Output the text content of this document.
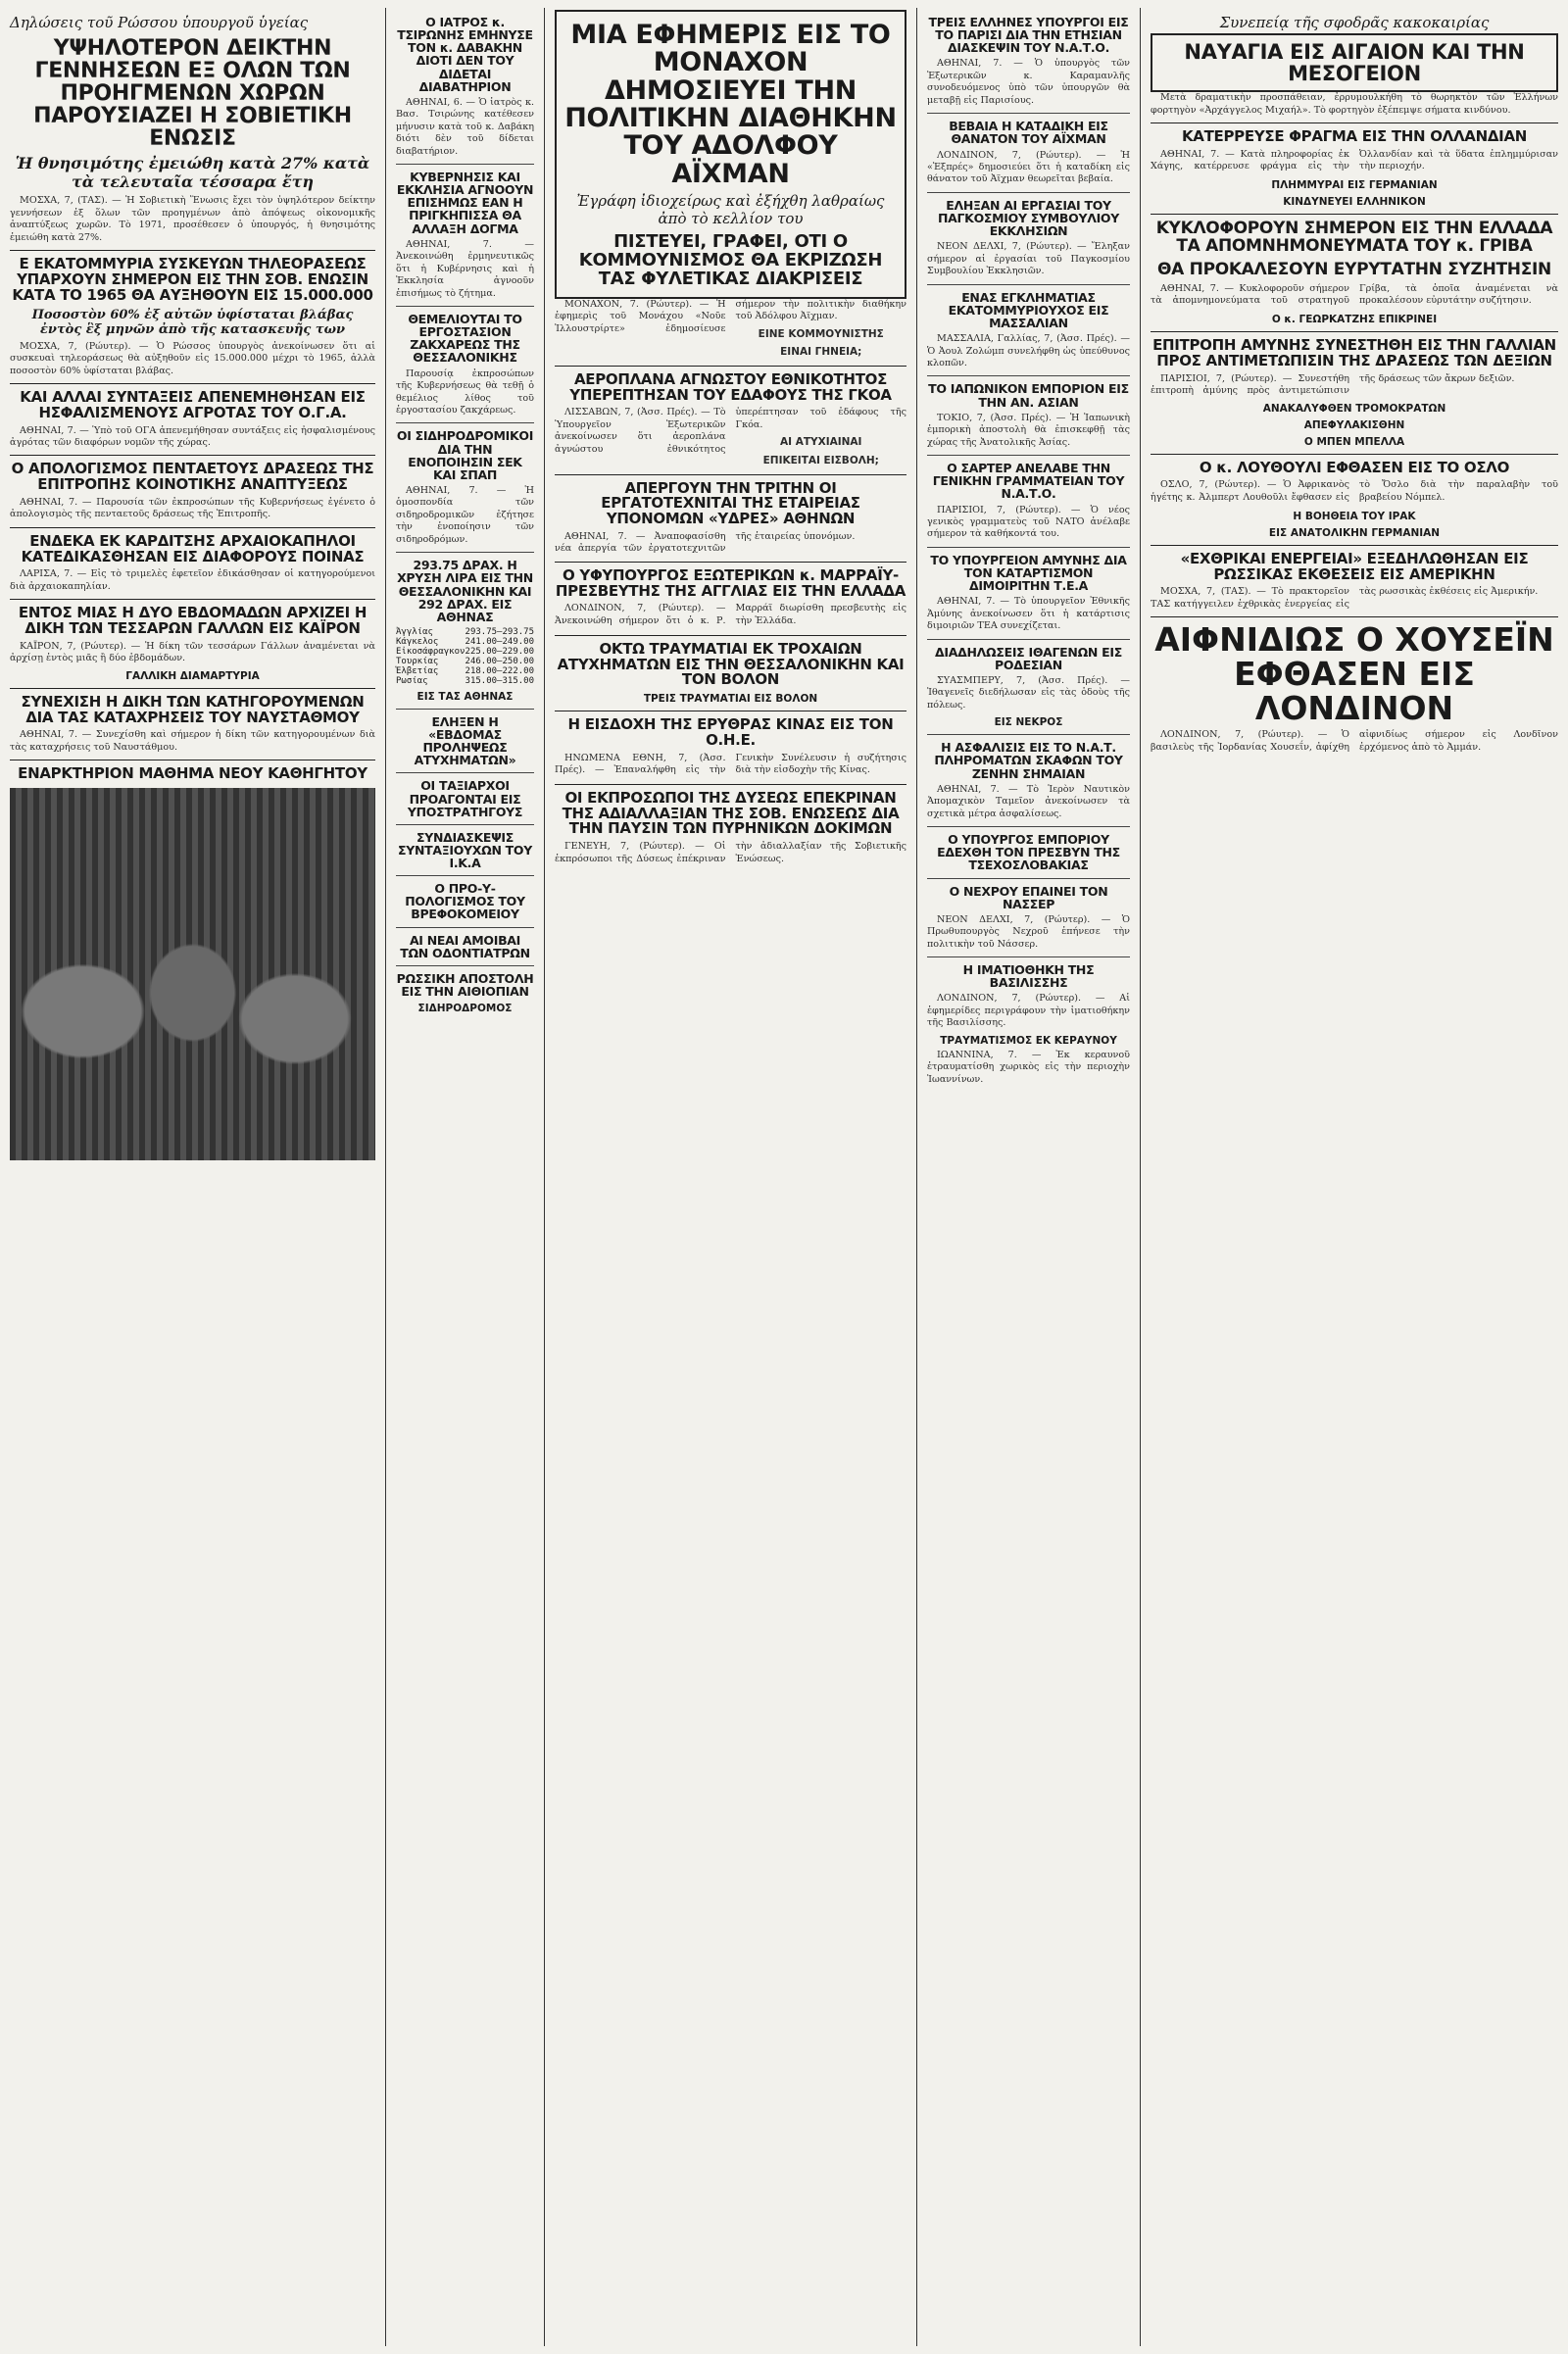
Δηλώσεις τοῦ Ρώσσου ὑπουργοῦ ὑγείας
ΥΨΗΛΟΤΕΡΟΝ ΔΕΙΚΤΗΝ ΓΕΝΝΗΣΕΩΝ ΕΞ ΟΛΩΝ ΤΩΝ ΠΡΟΗΓΜΕΝΩΝ ΧΩΡΩΝ ΠΑΡΟΥΣΙΑΖΕΙ Η ΣΟΒΙΕΤΙΚΗ ΕΝΩΣΙΣ
Ἡ θνησιμότης ἐμειώθη κατὰ 27% κατὰ τὰ τελευταῖα τέσσαρα ἔτη

ΜΟΣΧΑ, 7, (ΤΑΣ). — Ἡ Σοβιετικὴ Ἕνωσις ἔχει τὸν ὑψηλότερον δείκτην γεννήσεων ἐξ ὅλων τῶν προηγμένων ἀπὸ ἀπόψεως οἰκονομικῆς ἀναπτύξεως χωρῶν. Τὸ 1971, προσέθεσεν ὁ ὑπουργός, ἡ θνησιμότης ἐμειώθη κατὰ 27%.

Ε ΕΚΑΤΟΜΜΥΡΙΑ ΣΥΣΚΕΥΩΝ ΤΗΛΕΟΡΑΣΕΩΣ ΥΠΑΡΧΟΥΝ ΣΗΜΕΡΟΝ ΕΙΣ ΤΗΝ ΣΟΒ. ΕΝΩΣΙΝ ΚΑΤΑ ΤΟ 1965 ΘΑ ΑΥΞΗΘΟΥΝ ΕΙΣ 15.000.000
Ποσοστὸν 60% ἐξ αὐτῶν ὑφίσταται βλάβας ἐντὸς ἓξ μηνῶν ἀπὸ τῆς κατασκευῆς των

ΜΟΣΧΑ, 7, (Ρώυτερ). — Ὁ Ρώσσος ὑπουργὸς ἀνεκοίνωσεν ὅτι αἱ συσκευαὶ τηλεοράσεως θὰ αὐξηθοῦν εἰς 15.000.000 μέχρι τὸ 1965, ἀλλὰ ποσοστὸν 60% ὑφίσταται βλάβας.

ΚΑΙ ΑΛΛΑΙ ΣΥΝΤΑΞΕΙΣ ΑΠΕΝΕΜΗΘΗΣΑΝ ΕΙΣ ΗΣΦΑΛΙΣΜΕΝΟΥΣ ΑΓΡΟΤΑΣ ΤΟΥ Ο.Γ.Α.

ΑΘΗΝΑΙ, 7. — Ὑπὸ τοῦ ΟΓΑ ἀπενεμήθησαν συντάξεις εἰς ἠσφαλισμένους ἀγρότας τῶν διαφόρων νομῶν τῆς χώρας.

Ο ΑΠΟΛΟΓΙΣΜΟΣ ΠΕΝΤΑΕΤΟΥΣ ΔΡΑΣΕΩΣ ΤΗΣ ΕΠΙΤΡΟΠΗΣ ΚΟΙΝΟΤΙΚΗΣ ΑΝΑΠΤΥΞΕΩΣ

ΑΘΗΝΑΙ, 7. — Παρουσία τῶν ἐκπροσώπων τῆς Κυβερνήσεως ἐγένετο ὁ ἀπολογισμὸς τῆς πενταετοῦς δράσεως τῆς Ἐπιτροπῆς.

ΕΝΔΕΚΑ ΕΚ ΚΑΡΔΙΤΣΗΣ ΑΡΧΑΙΟΚΑΠΗΛΟΙ ΚΑΤΕΔΙΚΑΣΘΗΣΑΝ ΕΙΣ ΔΙΑΦΟΡΟΥΣ ΠΟΙΝΑΣ

ΛΑΡΙΣΑ, 7. — Εἰς τὸ τριμελὲς ἐφετεῖον ἐδικάσθησαν οἱ κατηγορούμενοι διὰ ἀρχαιοκαπηλίαν.

ΕΝΤΟΣ ΜΙΑΣ Η ΔΥΟ ΕΒΔΟΜΑΔΩΝ ΑΡΧΙΖΕΙ Η ΔΙΚΗ ΤΩΝ ΤΕΣΣΑΡΩΝ ΓΑΛΛΩΝ ΕΙΣ ΚΑΪΡΟΝ

ΚΑΪΡΟΝ, 7, (Ρώυτερ). — Ἡ δίκη τῶν τεσσάρων Γάλλων ἀναμένεται νὰ ἀρχίσῃ ἐντὸς μιᾶς ἢ δύο ἑβδομάδων.

ΓΑΛΛΙΚΗ ΔΙΑΜΑΡΤΥΡΙΑ
ΣΥΝΕΧΙΣΗ Η ΔΙΚΗ ΤΩΝ ΚΑΤΗΓΟΡΟΥΜΕΝΩΝ ΔΙΑ ΤΑΣ ΚΑΤΑΧΡΗΣΕΙΣ ΤΟΥ ΝΑΥΣΤΑΘΜΟΥ

ΑΘΗΝΑΙ, 7. — Συνεχίσθη καὶ σήμερον ἡ δίκη τῶν κατηγορουμένων διὰ τὰς καταχρήσεις τοῦ Ναυστάθμου.

ΕΝΑΡΚΤΗΡΙΟΝ ΜΑΘΗΜΑ ΝΕΟΥ ΚΑΘΗΓΗΤΟΥ
Ο ΙΑΤΡΟΣ κ. ΤΣΙΡΩΝΗΣ ΕΜΗΝΥΣΕ ΤΟΝ κ. ΔΑΒΑΚΗΝ ΔΙΟΤΙ ΔΕΝ ΤΟΥ ΔΙΔΕΤΑΙ ΔΙΑΒΑΤΗΡΙΟΝ

ΑΘΗΝΑΙ, 6. — Ὁ ἰατρὸς κ. Βασ. Τσιρώνης κατέθεσεν μήνυσιν κατὰ τοῦ κ. Δαβάκη διότι δὲν τοῦ δίδεται διαβατήριον.

ΚΥΒΕΡΝΗΣΙΣ ΚΑΙ ΕΚΚΛΗΣΙΑ ΑΓΝΟΟΥΝ ΕΠΙΣΗΜΩΣ ΕΑΝ Η ΠΡΙΓΚΗΠΙΣΣΑ ΘΑ ΑΛΛΑΞΗ ΔΟΓΜΑ

ΑΘΗΝΑΙ, 7. — Ἀνεκοινώθη ἐρμηνευτικῶς ὅτι ἡ Κυβέρνησις καὶ ἡ Ἐκκλησία ἀγνοοῦν ἐπισήμως τὸ ζήτημα.

ΘΕΜΕΛΙΟΥΤΑΙ ΤΟ ΕΡΓΟΣΤΑΣΙΟΝ ΖΑΚΧΑΡΕΩΣ ΤΗΣ ΘΕΣΣΑΛΟΝΙΚΗΣ

Παρουσίᾳ ἐκπροσώπων τῆς Κυβερνήσεως θὰ τεθῇ ὁ θεμέλιος λίθος τοῦ ἐργοστασίου ζακχάρεως.

ΟΙ ΣΙΔΗΡΟΔΡΟΜΙΚΟΙ ΔΙΑ ΤΗΝ ΕΝΟΠΟΙΗΣΙΝ ΣΕΚ ΚΑΙ ΣΠΑΠ

ΑΘΗΝΑΙ, 7. — Ἡ ὁμοσπονδία τῶν σιδηροδρομικῶν ἐζήτησε τὴν ἑνοποίησιν τῶν σιδηροδρόμων.

293.75 ΔΡΑΧ. Η ΧΡΥΣΗ ΛΙΡΑ ΕΙΣ ΤΗΝ ΘΕΣΣΑΛΟΝΙΚΗΝ ΚΑΙ 292 ΔΡΑΧ. ΕΙΣ ΑΘΗΝΑΣ
Ἀγγλίας	293.75—293.75
Κάγκελος	241.00—249.00
Εἰκοσάφραγκον 225.00—229.00
Τουρκίας	246.00—250.00
Ἑλβετίας	218.00—222.00
Ρωσίας	315.00—315.00
ΕΙΣ ΤΑΣ ΑΘΗΝΑΣ
ΕΛΗΞΕΝ Η «ΕΒΔΟΜΑΣ ΠΡΟΛΗΨΕΩΣ ΑΤΥΧΗΜΑΤΩΝ»
ΟΙ ΤΑΞΙΑΡΧΟΙ ΠΡΟΑΓΟΝΤΑΙ ΕΙΣ ΥΠΟΣΤΡΑΤΗΓΟΥΣ
ΣΥΝΔΙΑΣΚΕΨΙΣ ΣΥΝΤΑΞΙΟΥΧΩΝ ΤΟΥ Ι.Κ.Α
Ο ΠΡΟ-Υ-ΠΟΛΟΓΙΣΜΟΣ ΤΟΥ ΒΡΕΦΟΚΟΜΕΙΟΥ
ΑΙ ΝΕΑΙ ΑΜΟΙΒΑΙ ΤΩΝ ΟΔΟΝΤΙΑΤΡΩΝ
ΡΩΣΣΙΚΗ ΑΠΟΣΤΟΛΗ ΕΙΣ ΤΗΝ ΑΙΘΙΟΠΙΑΝ
ΣΙΔΗΡΟΔΡΟΜΟΣ
ΜΙΑ ΕΦΗΜΕΡΙΣ ΕΙΣ ΤΟ ΜΟΝΑΧΟΝ ΔΗΜΟΣΙΕΥΕΙ ΤΗΝ ΠΟΛΙΤΙΚΗΝ ΔΙΑΘΗΚΗΝ ΤΟΥ ΑΔΟΛΦΟΥ ΑΪΧΜΑΝ
Ἐγράφη ἰδιοχείρως καὶ ἐξήχθη λαθραίως ἀπὸ τὸ κελλίον του
ΠΙΣΤΕΥΕΙ, ΓΡΑΦΕΙ, ΟΤΙ Ο ΚΟΜΜΟΥΝΙΣΜΟΣ ΘΑ ΕΚΡΙΖΩΣΗ ΤΑΣ ΦΥΛΕΤΙΚΑΣ ΔΙΑΚΡΙΣΕΙΣ

ΜΟΝΑΧΟΝ, 7. (Ρώυτερ). — Ἡ ἐφημερὶς τοῦ Μονάχου «Νοῦε Ἰλλουστρίρτε» ἐδημοσίευσε σήμερον τὴν πολιτικὴν διαθήκην τοῦ Ἀδόλφου Ἀϊχμαν.

ΕΙΝΕ ΚΟΜΜΟΥΝΙΣΤΗΣ
ΕΙΝΑΙ ΓΗΝΕΙΑ;
ΑΕΡΟΠΛΑΝΑ ΑΓΝΩΣΤΟΥ ΕΘΝΙΚΟΤΗΤΟΣ ΥΠΕΡΕΠΤΗΣΑΝ ΤΟΥ ΕΔΑΦΟΥΣ ΤΗΣ ΓΚΟΑ

ΛΙΣΣΑΒΩΝ, 7, (Ἀσσ. Πρές). — Τὸ Ὑπουργεῖον Ἐξωτερικῶν ἀνεκοίνωσεν ὅτι ἀεροπλάνα ἀγνώστου ἐθνικότητος ὑπερέπτησαν τοῦ ἐδάφους τῆς Γκόα.

ΑΙ ΑΤΥΧΙΑΙΝΑΙ
ΕΠΙΚΕΙΤΑΙ ΕΙΣΒΟΛΗ;
ΑΠΕΡΓΟΥΝ ΤΗΝ ΤΡΙΤΗΝ ΟΙ ΕΡΓΑΤΟΤΕΧΝΙΤΑΙ ΤΗΣ ΕΤΑΙΡΕΙΑΣ ΥΠΟΝΟΜΩΝ «ΥΔΡΕΣ» ΑΘΗΝΩΝ

ΑΘΗΝΑΙ, 7. — Ἀναποφασίσθη νέα ἀπεργία τῶν ἐργατοτεχνιτῶν τῆς ἑταιρείας ὑπονόμων.

Ο ΥΦΥΠΟΥΡΓΟΣ ΕΞΩΤΕΡΙΚΩΝ κ. ΜΑΡΡΑΪΥ-ΠΡΕΣΒΕΥΤΗΣ ΤΗΣ ΑΓΓΛΙΑΣ ΕΙΣ ΤΗΝ ΕΛΛΑΔΑ

ΛΟΝΔΙΝΟΝ, 7, (Ρώυτερ). — Ἀνεκοινώθη σήμερον ὅτι ὁ κ. Ρ. Μαρράϊ διωρίσθη πρεσβευτὴς εἰς τὴν Ἑλλάδα.

ΟΚΤΩ ΤΡΑΥΜΑΤΙΑΙ ΕΚ ΤΡΟΧΑΙΩΝ ΑΤΥΧΗΜΑΤΩΝ ΕΙΣ ΤΗΝ ΘΕΣΣΑΛΟΝΙΚΗΝ ΚΑΙ ΤΟΝ ΒΟΛΟΝ
ΤΡΕΙΣ ΤΡΑΥΜΑΤΙΑΙ ΕΙΣ ΒΟΛΟΝ
Η ΕΙΣΔΟΧΗ ΤΗΣ ΕΡΥΘΡΑΣ ΚΙΝΑΣ ΕΙΣ ΤΟΝ Ο.Η.Ε.

ΗΝΩΜΕΝΑ ΕΘΝΗ, 7, (Ἀσσ. Πρές). — Ἐπαναλήφθη εἰς τὴν Γενικὴν Συνέλευσιν ἡ συζήτησις διὰ τὴν εἰσδοχὴν τῆς Κίνας.

ΟΙ ΕΚΠΡΟΣΩΠΟΙ ΤΗΣ ΔΥΣΕΩΣ ΕΠΕΚΡΙΝΑΝ ΤΗΣ ΑΔΙΑΛΛΑΞΙΑΝ ΤΗΣ ΣΟΒ. ΕΝΩΣΕΩΣ ΔΙΑ ΤΗΝ ΠΑΥΣΙΝ ΤΩΝ ΠΥΡΗΝΙΚΩΝ ΔΟΚΙΜΩΝ

ΓΕΝΕΥΗ, 7, (Ρώυτερ). — Οἱ ἐκπρόσωποι τῆς Δύσεως ἐπέκριναν τὴν ἀδιαλλαξίαν τῆς Σοβιετικῆς Ἑνώσεως.

ΤΡΕΙΣ ΕΛΛΗΝΕΣ ΥΠΟΥΡΓΟΙ ΕΙΣ ΤΟ ΠΑΡΙΣΙ ΔΙΑ ΤΗΝ ΕΤΗΣΙΑΝ ΔΙΑΣΚΕΨΙΝ ΤΟΥ Ν.Α.Τ.Ο.

ΑΘΗΝΑΙ, 7. — Ὁ ὑπουργὸς τῶν Ἐξωτερικῶν κ. Καραμανλῆς συνοδευόμενος ὑπὸ τῶν ὑπουργῶν θὰ μεταβῇ εἰς Παρισίους.

ΒΕΒΑΙΑ Η ΚΑΤΑΔΙΚΗ ΕΙΣ ΘΑΝΑΤΟΝ ΤΟΥ ΑΪΧΜΑΝ

ΛΟΝΔΙΝΟΝ, 7, (Ρώυτερ). — Ἡ «Ἐξπρές» δημοσιεύει ὅτι ἡ καταδίκη εἰς θάνατον τοῦ Ἀϊχμαν θεωρεῖται βεβαία.

ΕΛΗΞΑΝ ΑΙ ΕΡΓΑΣΙΑΙ ΤΟΥ ΠΑΓΚΟΣΜΙΟΥ ΣΥΜΒΟΥΛΙΟΥ ΕΚΚΛΗΣΙΩΝ

ΝΕΟΝ ΔΕΛΧΙ, 7, (Ρώυτερ). — Ἔληξαν σήμερον αἱ ἐργασίαι τοῦ Παγκοσμίου Συμβουλίου Ἐκκλησιῶν.

ΕΝΑΣ ΕΓΚΛΗΜΑΤΙΑΣ ΕΚΑΤΟΜΜΥΡΙΟΥΧΟΣ ΕΙΣ ΜΑΣΣΑΛΙΑΝ

ΜΑΣΣΑΛΙΑ, Γαλλίας, 7, (Ἀσσ. Πρές). — Ὁ Ἀουλ Ζολώμπ συνελήφθη ὡς ὑπεύθυνος κλοπῶν.

ΤΟ ΙΑΠΩΝΙΚΟΝ ΕΜΠΟΡΙΟΝ ΕΙΣ ΤΗΝ ΑΝ. ΑΣΙΑΝ

ΤΟΚΙΟ, 7, (Ἀσσ. Πρές). — Ἡ Ἰαπωνικὴ ἐμπορικὴ ἀποστολὴ θὰ ἐπισκεφθῇ τὰς χώρας τῆς Ἀνατολικῆς Ἀσίας.

Ο ΣΑΡΤΕΡ ΑΝΕΛΑΒΕ ΤΗΝ ΓΕΝΙΚΗΝ ΓΡΑΜΜΑΤΕΙΑΝ ΤΟΥ Ν.Α.Τ.Ο.

ΠΑΡΙΣΙΟΙ, 7, (Ρώυτερ). — Ὁ νέος γενικὸς γραμματεὺς τοῦ ΝΑΤΟ ἀνέλαβε σήμερον τὰ καθήκοντά του.

ΤΟ ΥΠΟΥΡΓΕΙΟΝ ΑΜΥΝΗΣ ΔΙΑ ΤΟΝ ΚΑΤΑΡΤΙΣΜΟΝ ΔΙΜΟΙΡΙΤΗΝ Τ.Ε.Α

ΑΘΗΝΑΙ, 7. — Τὸ ὑπουργεῖον Ἐθνικῆς Ἀμύνης ἀνεκοίνωσεν ὅτι ἡ κατάρτισις διμοιριῶν ΤΕΑ συνεχίζεται.

ΔΙΑΔΗΛΩΣΕΙΣ ΙΘΑΓΕΝΩΝ ΕΙΣ ΡΟΔΕΣΙΑΝ

ΣΥΑΣΜΠΕΡΥ, 7, (Ἀσσ. Πρές). — Ἰθαγενεῖς διεδήλωσαν εἰς τὰς ὁδοὺς τῆς πόλεως.

ΕΙΣ ΝΕΚΡΟΣ
Η ΑΣΦΑΛΙΣΙΣ ΕΙΣ ΤΟ Ν.Α.Τ. ΠΛΗΡΟΜΑΤΩΝ ΣΚΑΦΩΝ ΤΟΥ ΖΕΝΗΝ ΣΗΜΑΙΑΝ

ΑΘΗΝΑΙ, 7. — Τὸ Ἱερὸν Ναυτικὸν Ἀπομαχικὸν Ταμεῖον ἀνεκοίνωσεν τὰ σχετικὰ μέτρα ἀσφαλίσεως.

Ο ΥΠΟΥΡΓΟΣ ΕΜΠΟΡΙΟΥ ΕΔΕΧΘΗ ΤΟΝ ΠΡΕΣΒΥΝ ΤΗΣ ΤΣΕΧΟΣΛΟΒΑΚΙΑΣ
Ο ΝΕΧΡΟΥ ΕΠΑΙΝΕΙ ΤΟΝ ΝΑΣΣΕΡ

ΝΕΟΝ ΔΕΛΧΙ, 7, (Ρώυτερ). — Ὁ Πρωθυπουργὸς Νεχροῦ ἐπήνεσε τὴν πολιτικὴν τοῦ Νάσσερ.

Η ΙΜΑΤΙΟΘΗΚΗ ΤΗΣ ΒΑΣΙΛΙΣΣΗΣ

ΛΟΝΔΙΝΟΝ, 7, (Ρώυτερ). — Αἱ ἐφημερίδες περιγράφουν τὴν ἱματιοθήκην τῆς Βασιλίσσης.

ΤΡΑΥΜΑΤΙΣΜΟΣ ΕΚ ΚΕΡΑΥΝΟΥ

ΙΩΑΝΝΙΝΑ, 7. — Ἐκ κεραυνοῦ ἐτραυματίσθη χωρικὸς εἰς τὴν περιοχὴν Ἰωαννίνων.

Συνεπείᾳ τῆς σφοδρᾶς κακοκαιρίας
ΝΑΥΑΓΙΑ ΕΙΣ ΑΙΓΑΙΟΝ ΚΑΙ ΤΗΝ ΜΕΣΟΓΕΙΟΝ

Μετὰ δραματικὴν προσπάθειαν, ἐρρυμουλκήθη τὸ θωρηκτὸν τῶν Ἑλλήνων φορτηγὸν «Ἀρχάγγελος Μιχαήλ». Τὸ φορτηγὸν ἐξέπεμψε σήματα κινδύνου.

ΚΑΤΕΡΡΕΥΣΕ ΦΡΑΓΜΑ ΕΙΣ ΤΗΝ ΟΛΛΑΝΔΙΑΝ

ΑΘΗΝΑΙ, 7. — Κατὰ πληροφορίας ἐκ Χάγης, κατέρρευσε φράγμα εἰς τὴν Ὀλλανδίαν καὶ τὰ ὕδατα ἐπλημμύρισαν τὴν περιοχήν.

ΠΛΗΜΜΥΡΑΙ ΕΙΣ ΓΕΡΜΑΝΙΑΝ
ΚΙΝΔΥΝΕΥΕΙ ΕΛΛΗΝΙΚΟΝ
ΚΥΚΛΟΦΟΡΟΥΝ ΣΗΜΕΡΟΝ ΕΙΣ ΤΗΝ ΕΛΛΑΔΑ ΤΑ ΑΠΟΜΝΗΜΟΝΕΥΜΑΤΑ ΤΟΥ κ. ΓΡΙΒΑ
ΘΑ ΠΡΟΚΑΛΕΣΟΥΝ ΕΥΡΥΤΑΤΗΝ ΣΥΖΗΤΗΣΙΝ

ΑΘΗΝΑΙ, 7. — Κυκλοφοροῦν σήμερον τὰ ἀπομνημονεύματα τοῦ στρατηγοῦ Γρίβα, τὰ ὁποῖα ἀναμένεται νὰ προκαλέσουν εὐρυτάτην συζήτησιν.

Ο κ. ΓΕΩΡΚΑΤΖΗΣ ΕΠΙΚΡΙΝΕΙ
ΕΠΙΤΡΟΠΗ ΑΜΥΝΗΣ ΣΥΝΕΣΤΗΘΗ ΕΙΣ ΤΗΝ ΓΑΛΛΙΑΝ ΠΡΟΣ ΑΝΤΙΜΕΤΩΠΙΣΙΝ ΤΗΣ ΔΡΑΣΕΩΣ ΤΩΝ ΔΕΞΙΩΝ

ΠΑΡΙΣΙΟΙ, 7, (Ρώυτερ). — Συνεστήθη ἐπιτροπὴ ἀμύνης πρὸς ἀντιμετώπισιν τῆς δράσεως τῶν ἄκρων δεξιῶν.

ΑΝΑΚΑΛΥΦΘΕΝ ΤΡΟΜΟΚΡΑΤΩΝ
ΑΠΕΦΥΛΑΚΙΣΘΗΝ
Ο ΜΠΕΝ ΜΠΕΛΛΑ
Ο κ. ΛΟΥΘΟΥΛΙ ΕΦΘΑΣΕΝ ΕΙΣ ΤΟ ΟΣΛΟ

ΟΣΛΟ, 7, (Ρώυτερ). — Ὁ Ἀφρικανὸς ἡγέτης κ. Ἀλμπερτ Λουθοῦλι ἔφθασεν εἰς τὸ Ὄσλο διὰ τὴν παραλαβὴν τοῦ βραβείου Νόμπελ.

Η ΒΟΗΘΕΙΑ ΤΟΥ ΙΡΑΚ
ΕΙΣ ΑΝΑΤΟΛΙΚΗΝ ΓΕΡΜΑΝΙΑΝ
«ΕΧΘΡΙΚΑΙ ΕΝΕΡΓΕΙΑΙ» ΕΞΕΔΗΛΩΘΗΣΑΝ ΕΙΣ ΡΩΣΣΙΚΑΣ ΕΚΘΕΣΕΙΣ ΕΙΣ ΑΜΕΡΙΚΗΝ

ΜΟΣΧΑ, 7, (ΤΑΣ). — Τὸ πρακτορεῖον ΤΑΣ κατήγγειλεν ἐχθρικὰς ἐνεργείας εἰς τὰς ρωσσικὰς ἐκθέσεις εἰς Ἀμερικήν.

ΑΙΦΝΙΔΙΩΣ Ο ΧΟΥΣΕΪΝ ΕΦΘΑΣΕΝ ΕΙΣ ΛΟΝΔΙΝΟΝ

ΛΟΝΔΙΝΟΝ, 7, (Ρώυτερ). — Ὁ βασιλεὺς τῆς Ἰορδανίας Χουσεΐν, ἀφίχθη αἰφνιδίως σήμερον εἰς Λονδῖνον ἐρχόμενος ἀπὸ τὸ Ἀμμάν.
